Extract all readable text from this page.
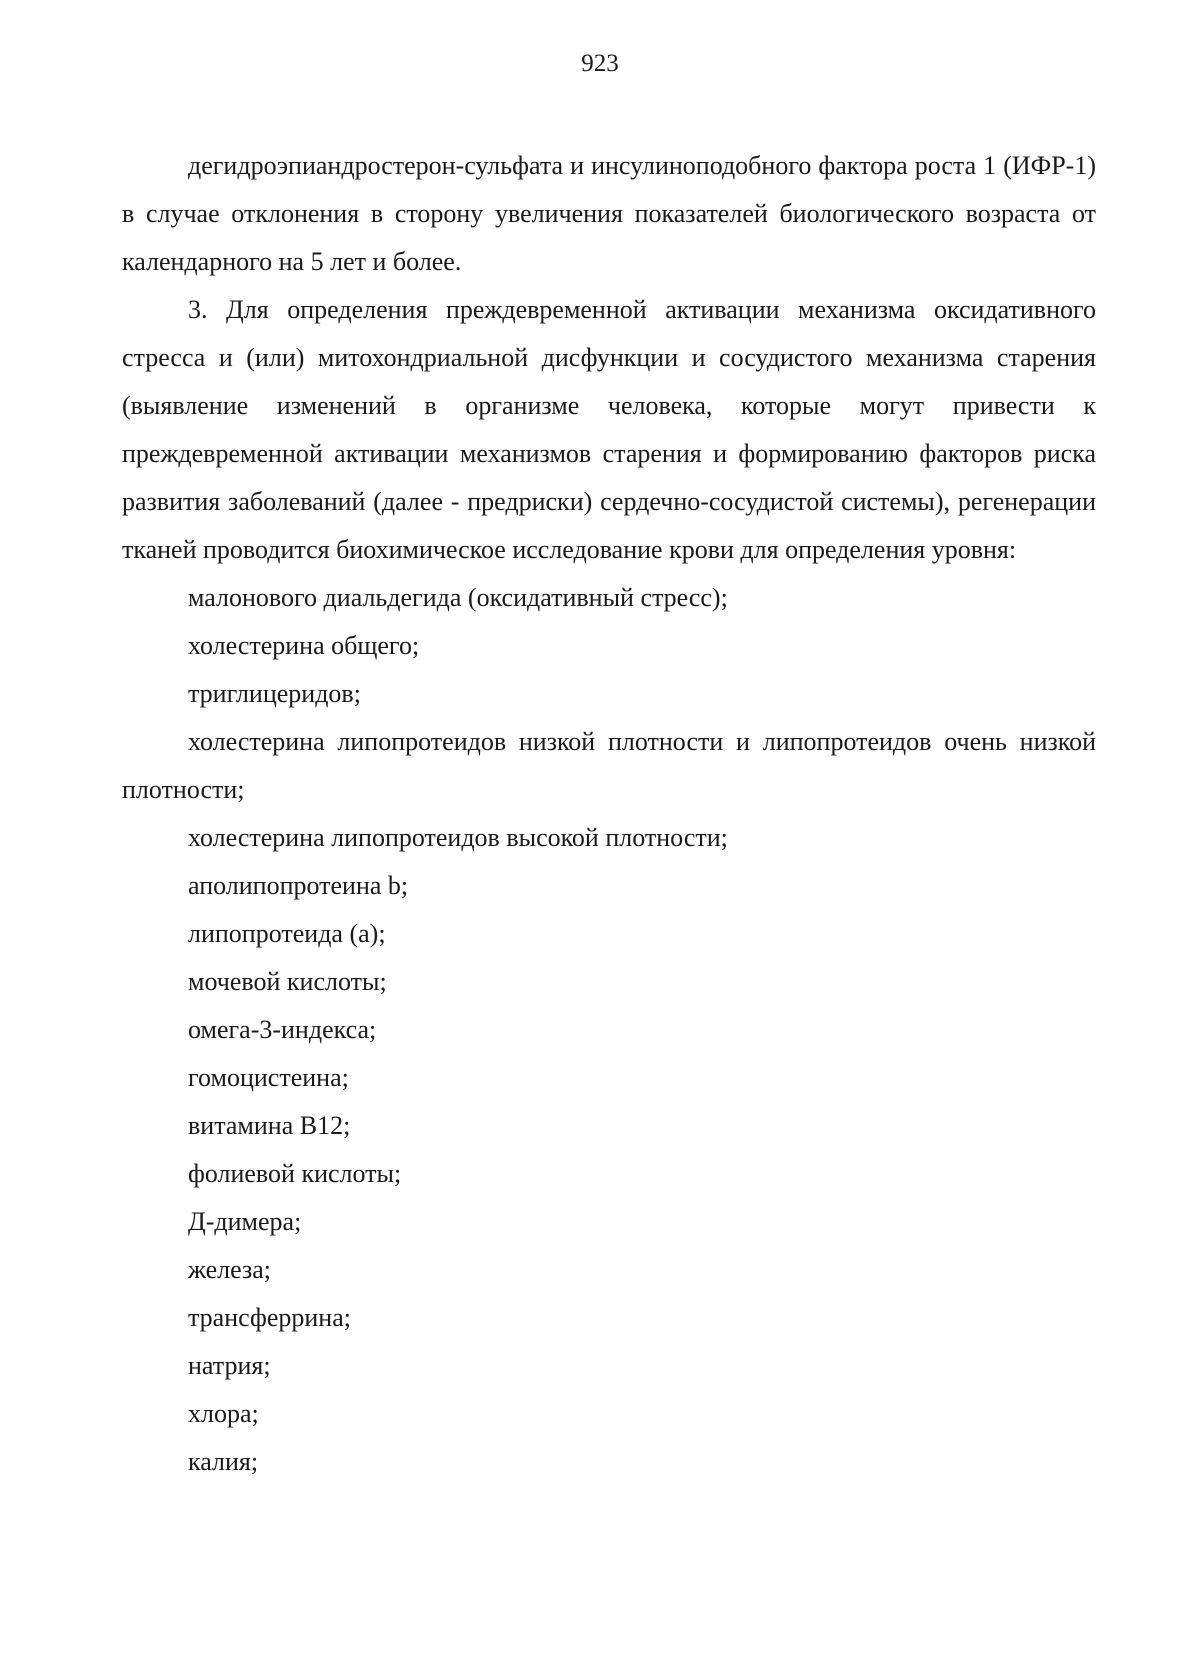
923

дегидроэпиандростерон-сульфата и инсулиноподобного фактора роста 1 (ИФР-1) в случае отклонения в сторону увеличения показателей биологического возраста от календарного на 5 лет и более.

3. Для определения преждевременной активации механизма оксидативного стресса и (или) митохондриальной дисфункции и сосудистого механизма старения (выявление изменений в организме человека, которые могут привести к преждевременной активации механизмов старения и формированию факторов риска развития заболеваний (далее - предриски) сердечно-сосудистой системы), регенерации тканей проводится биохимическое исследование крови для определения уровня:

малонового диальдегида (оксидативный стресс);

холестерина общего;

триглицеридов;

холестерина липопротеидов низкой плотности и липопротеидов очень низкой плотности;

холестерина липопротеидов высокой плотности;

аполипопротеина b;

липопротеида (а);

мочевой кислоты;

омега-3-индекса;

гомоцистеина;

витамина В12;

фолиевой кислоты;

Д-димера;

железа;

трансферрина;

натрия;

хлора;

калия;
